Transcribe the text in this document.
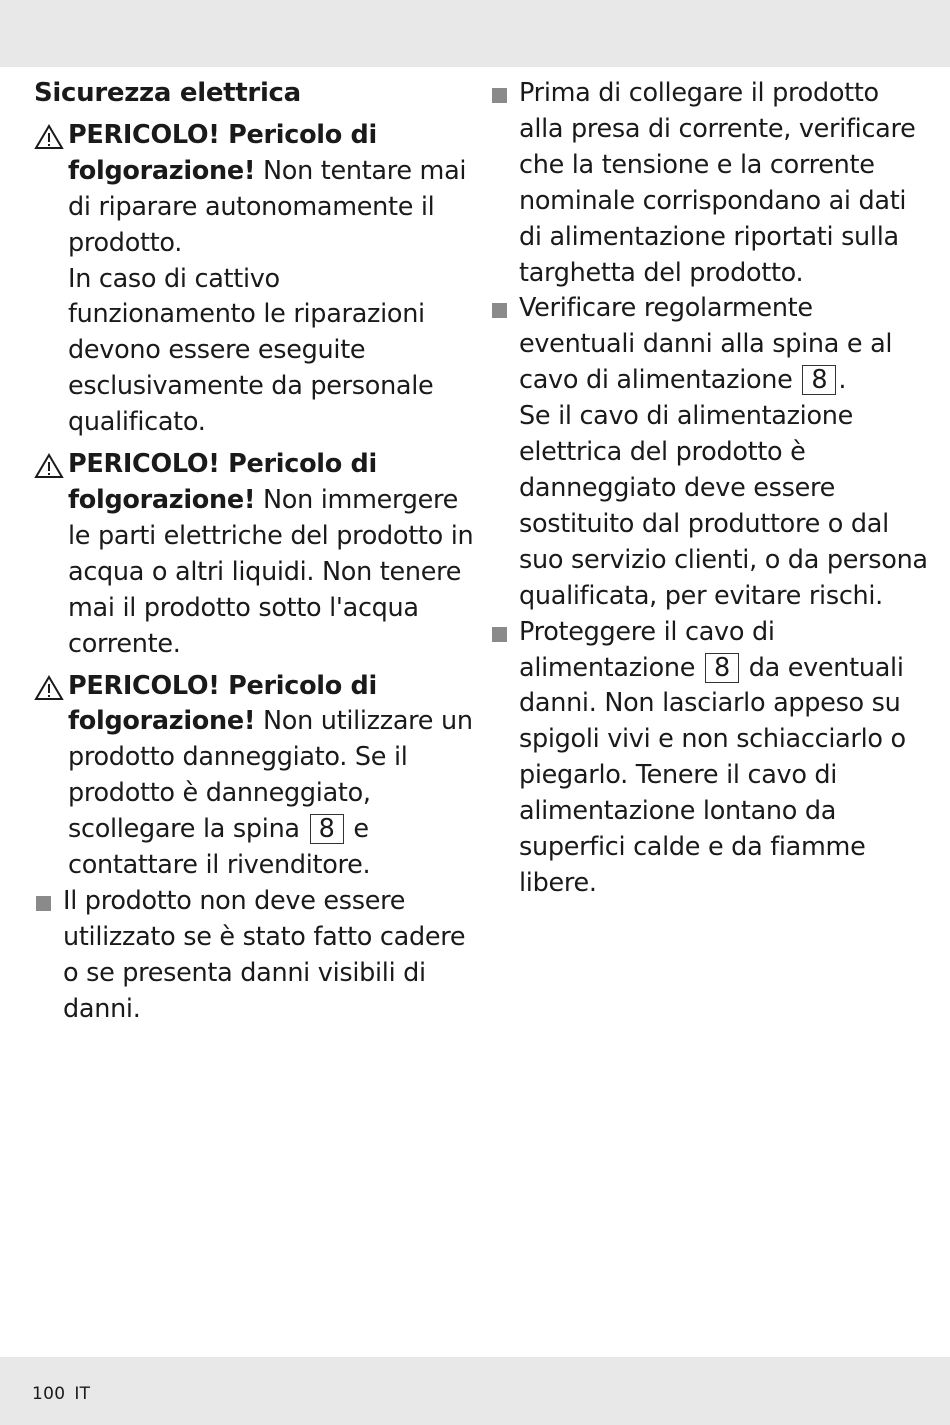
Sicurezza elettrica

PERICOLO! Pericolo di folgorazione! Non tentare mai di riparare autonomamente il prodotto.

In caso di cattivo funzionamento le riparazioni devono essere eseguite esclusivamente da personale qualificato.

PERICOLO! Pericolo di folgorazione! Non immergere le parti elettriche del prodotto in acqua o altri liquidi. Non tenere mai il prodotto sotto l'acqua corrente.

PERICOLO! Pericolo di folgorazione! Non utilizzare un prodotto danneggiato. Se il prodotto è danneggiato, scollegare la spina 8 e contattare il rivenditore.

Il prodotto non deve essere utilizzato se è stato fatto cadere o se presenta danni visibili di danni.

Prima di collegare il prodotto alla presa di corrente, verificare che la tensione e la corrente nominale corrispondano ai dati di alimentazione riportati sulla targhetta del prodotto.

Verificare regolarmente eventuali danni alla spina e al cavo di alimentazione 8 .

Se il cavo di alimentazione elettrica del prodotto è danneggiato deve essere sostituito dal produttore o dal suo servizio clienti, o da persona qualificata, per evitare rischi.

Proteggere il cavo di alimentazione 8 da eventuali danni. Non lasciarlo appeso su spigoli vivi e non schiacciarlo o piegarlo. Tenere il cavo di alimentazione lontano da superfici calde e da fiamme libere.

100 IT
